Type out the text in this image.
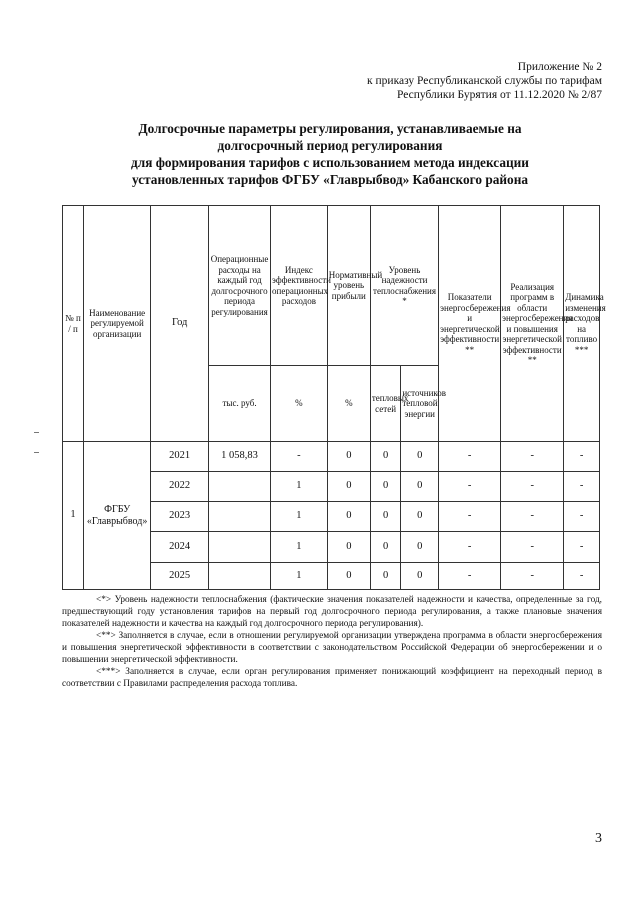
Приложение № 2
к приказу Республиканской службы по тарифам
Республики Бурятия от 11.12.2020 № 2/87
Долгосрочные параметры регулирования, устанавливаемые на
долгосрочный период регулирования
для формирования тарифов с использованием метода индексации
установленных тарифов ФГБУ «Главрыбвод» Кабанского района
№ п / п	Наименование регулируемой организации	Год	Операционные расходы на каждый год долгосрочного периода регулирования	Индекс эффективности операционных расходов	Нормативный уровень прибыли	Уровень надежности теплоснабжения *		Показатели энергосбережения и энергетической эффективности **	Реализация программ в области энергосбережения и повышения энергетической эффективности **	Динамика изменения расходов на топливо ***
			тыс. руб.	%	%	тепловых сетей	источников тепловой энергии			
1	ФГБУ «Главрыбвод»	2021	1 058,83	-	0	0	0	-	-	-
		2022		1	0	0	0	-	-	-
		2023		1	0	0	0	-	-	-
		2024		1	0	0	0	-	-	-
		2025		1	0	0	0	-	-	-

<*> Уровень надежности теплоснабжения (фактические значения показателей надежности и качества, определенные за год, предшествующий году установления тарифов на первый год долгосрочного периода регулирования, а также плановые значения показателей надежности и качества на каждый год долгосрочного периода регулирования).

<**> Заполняется в случае, если в отношении регулируемой организации утверждена программа в области энергосбережения и повышения энергетической эффективности в соответствии с законодательством Российской Федерации об энергосбережении и о повышении энергетической эффективности.

<***> Заполняется в случае, если орган регулирования применяет понижающий коэффициент на переходный период в соответствии с Правилами распределения расхода топлива.

3
